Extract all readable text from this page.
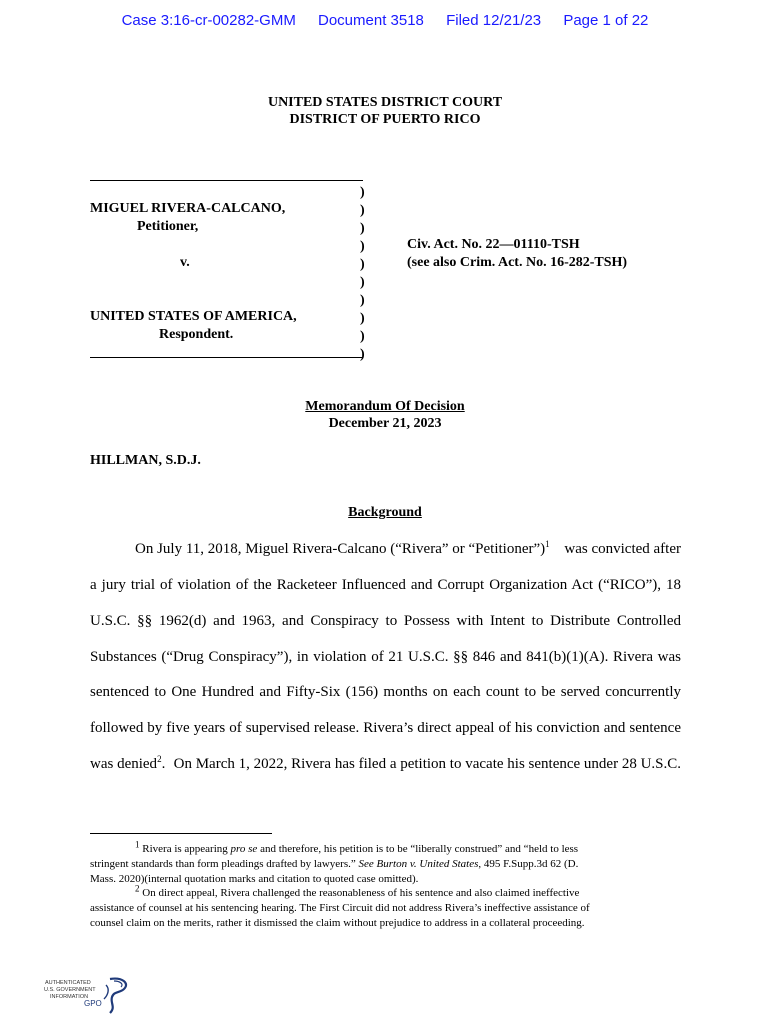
Case 3:16-cr-00282-GMM Document 3518 Filed 12/21/23 Page 1 of 22
UNITED STATES DISTRICT COURT
DISTRICT OF PUERTO RICO
MIGUEL RIVERA-CALCANO,
Petitioner,
v.
UNITED STATES OF AMERICA,
Respondent.
)
)
)
)
)
)
)
)
)
)
Civ. Act. No. 22—01110-TSH
(see also Crim. Act. No. 16-282-TSH)
Memorandum Of Decision
December 21, 2023
HILLMAN, S.D.J.
Background
On July 11, 2018, Miguel Rivera-Calcano (“Rivera” or “Petitioner”)$^1$ was convicted after
a jury trial of violation of the Racketeer Influenced and Corrupt Organization Act (“RICO”), 18
U.S.C. §§ 1962(d) and 1963, and Conspiracy to Possess with Intent to Distribute Controlled
Substances (“Drug Conspiracy”), in violation of 21 U.S.C. §§ 846 and 841(b)(1)(A). Rivera was
sentenced to One Hundred and Fifty-Six (156) months on each count to be served concurrently
followed by five years of supervised release. Rivera’s direct appeal of his conviction and sentence
was denied$^2$. On March 1, 2022, Rivera has filed a petition to vacate his sentence under 28 U.S.C.
$^1$ Rivera is appearing pro se and therefore, his petition is to be “liberally construed” and “held to less
stringent standards than form pleadings drafted by lawyers.” See Burton v. United States, 495 F.Supp.3d 62 (D.
Mass. 2020)(internal quotation marks and citation to quoted case omitted).
$^2$ On direct appeal, Rivera challenged the reasonableness of his sentence and also claimed ineffective
assistance of counsel at his sentencing hearing. The First Circuit did not address Rivera’s ineffective assistance of
counsel claim on the merits, rather it dismissed the claim without prejudice to address in a collateral proceeding.
AUTHENTICATED
U.S. GOVERNMENT
INFORMATION
GPO
